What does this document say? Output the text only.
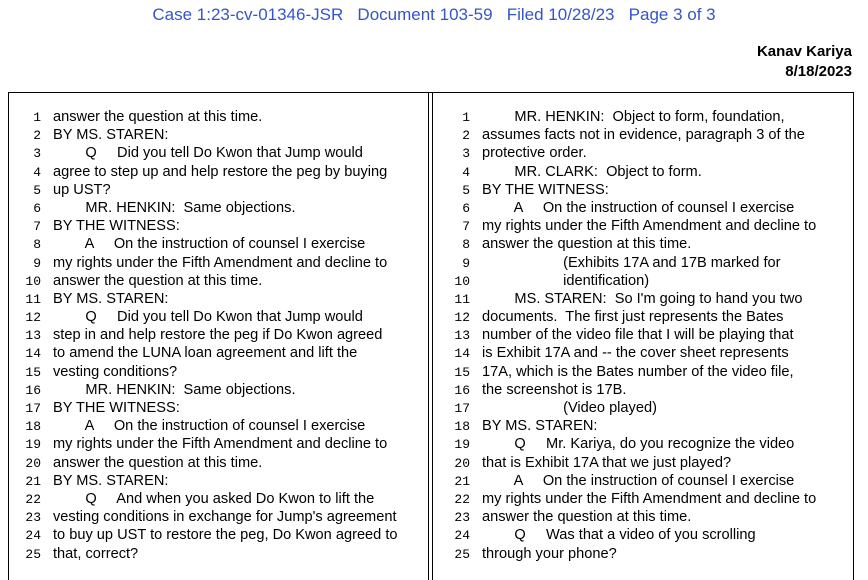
Case 1:23-cv-01346-JSR Document 103-59 Filed 10/28/23 Page 3 of 3
Kanav Kariya
8/18/2023
1 answer the question at this time.
2 BY MS. STAREN:
3        Q     Did you tell Do Kwon that Jump would
4 agree to step up and help restore the peg by buying
5 up UST?
6        MR. HENKIN:  Same objections.
7 BY THE WITNESS:
8        A     On the instruction of counsel I exercise
9 my rights under the Fifth Amendment and decline to
10 answer the question at this time.
11 BY MS. STAREN:
12        Q     Did you tell Do Kwon that Jump would
13 step in and help restore the peg if Do Kwon agreed
14 to amend the LUNA loan agreement and lift the
15 vesting conditions?
16        MR. HENKIN:  Same objections.
17 BY THE WITNESS:
18        A     On the instruction of counsel I exercise
19 my rights under the Fifth Amendment and decline to
20 answer the question at this time.
21 BY MS. STAREN:
22        Q     And when you asked Do Kwon to lift the
23 vesting conditions in exchange for Jump's agreement
24 to buy up UST to restore the peg, Do Kwon agreed to
25 that, correct?
1        MR. HENKIN:  Object to form, foundation,
2 assumes facts not in evidence, paragraph 3 of the
3 protective order.
4        MR. CLARK:  Object to form.
5 BY THE WITNESS:
6        A     On the instruction of counsel I exercise
7 my rights under the Fifth Amendment and decline to
8 answer the question at this time.
9                    (Exhibits 17A and 17B marked for
10                    identification)
11        MS. STAREN:  So I'm going to hand you two
12 documents.  The first just represents the Bates
13 number of the video file that I will be playing that
14 is Exhibit 17A and -- the cover sheet represents
15 17A, which is the Bates number of the video file,
16 the screenshot is 17B.
17                    (Video played)
18 BY MS. STAREN:
19        Q     Mr. Kariya, do you recognize the video
20 that is Exhibit 17A that we just played?
21        A     On the instruction of counsel I exercise
22 my rights under the Fifth Amendment and decline to
23 answer the question at this time.
24        Q     Was that a video of you scrolling
25 through your phone?
